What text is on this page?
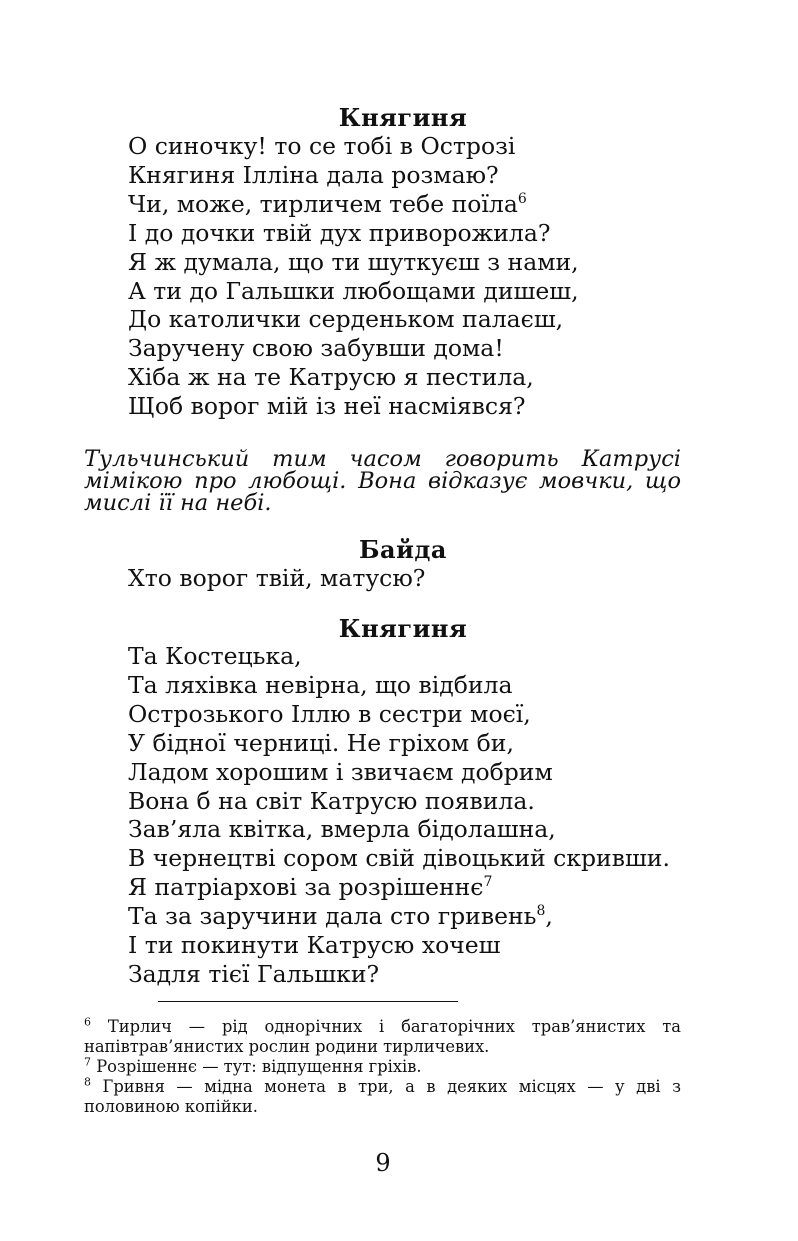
Княгиня
О синочку! то се тобі в Острозі
Княгиня Ілліна дала розмаю?
Чи, може, тирличем тебе поїла$^6$
І до дочки твій дух приворожила?
Я ж думала, що ти шуткуєш з нами,
А ти до Гальшки любощами дишеш,
До католички серденьком палаєш,
Заручену свою забувши дома!
Хіба ж на те Катрусю я пестила,
Щоб ворог мій із неї насміявся?

Тульчинський тим часом говорить Катрусі мімікою про любощі. Вона відказує мовчки, що мислі її на небі.

Байда
Хто ворог твій, матусю?
Княгиня
Та Костецька,
Та ляхівка невірна, що відбила
Острозького Іллю в сестри моєї,
У бідної черниці. Не гріхом би,
Ладом хорошим і звичаєм добрим
Вона б на світ Катрусю появила.
Зав’яла квітка, вмерла бідолашна,
В чернецтві сором свій дівоцький скривши.
Я патріархові за розрішеннє$^7$
Та за заручини дала сто гривень$^8$,
І ти покинути Катрусю хочеш
Задля тієї Гальшки?

$^6$ Тирлич — рід однорічних і багаторічних трав’янистих та напівтрав’янистих рослин родини тирличевих.

$^7$ Розрішеннє — тут: відпущення гріхів.

$^8$ Гривня — мідна монета в три, а в деяких місцях — у дві з половиною копійки.

9
